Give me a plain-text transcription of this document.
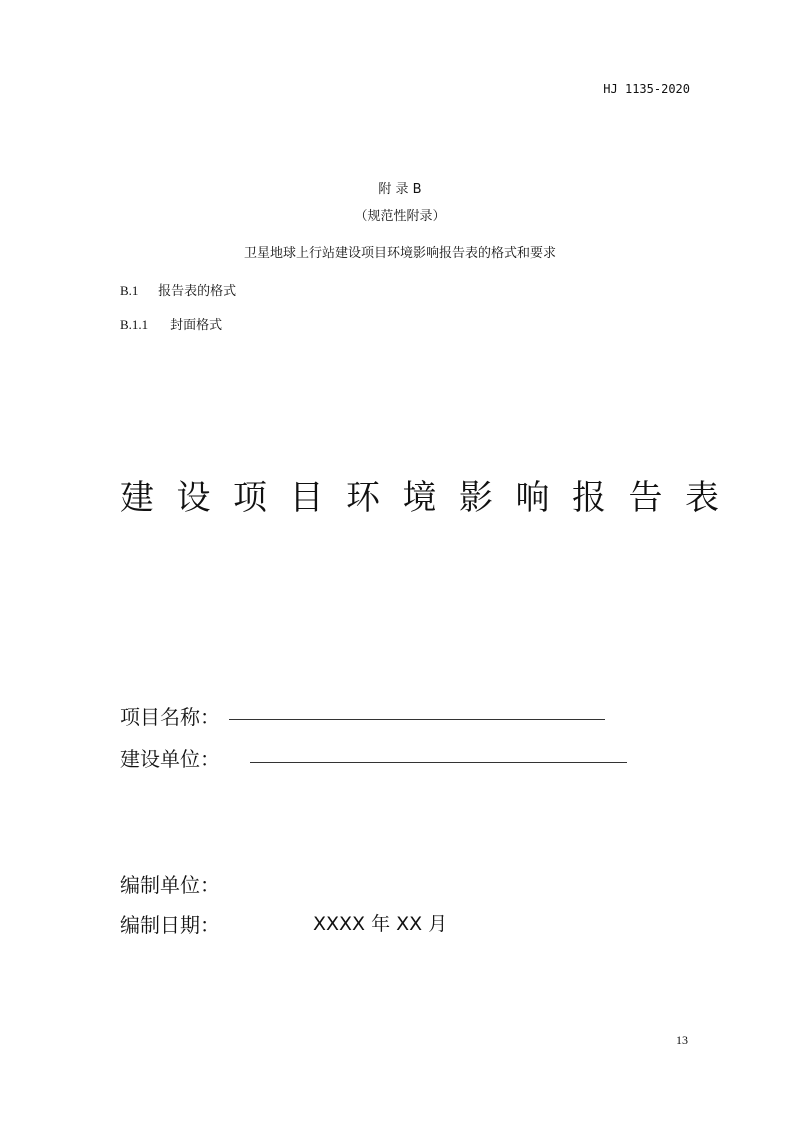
HJ 1135-2020
附 录 B
（规范性附录）
卫星地球上行站建设项目环境影响报告表的格式和要求
B.1 报告表的格式
B.1.1 封面格式
建设项目环境影响报告表
项目名称：
建设单位：
编制单位：
编制日期：	XXXX 年 XX 月
13
